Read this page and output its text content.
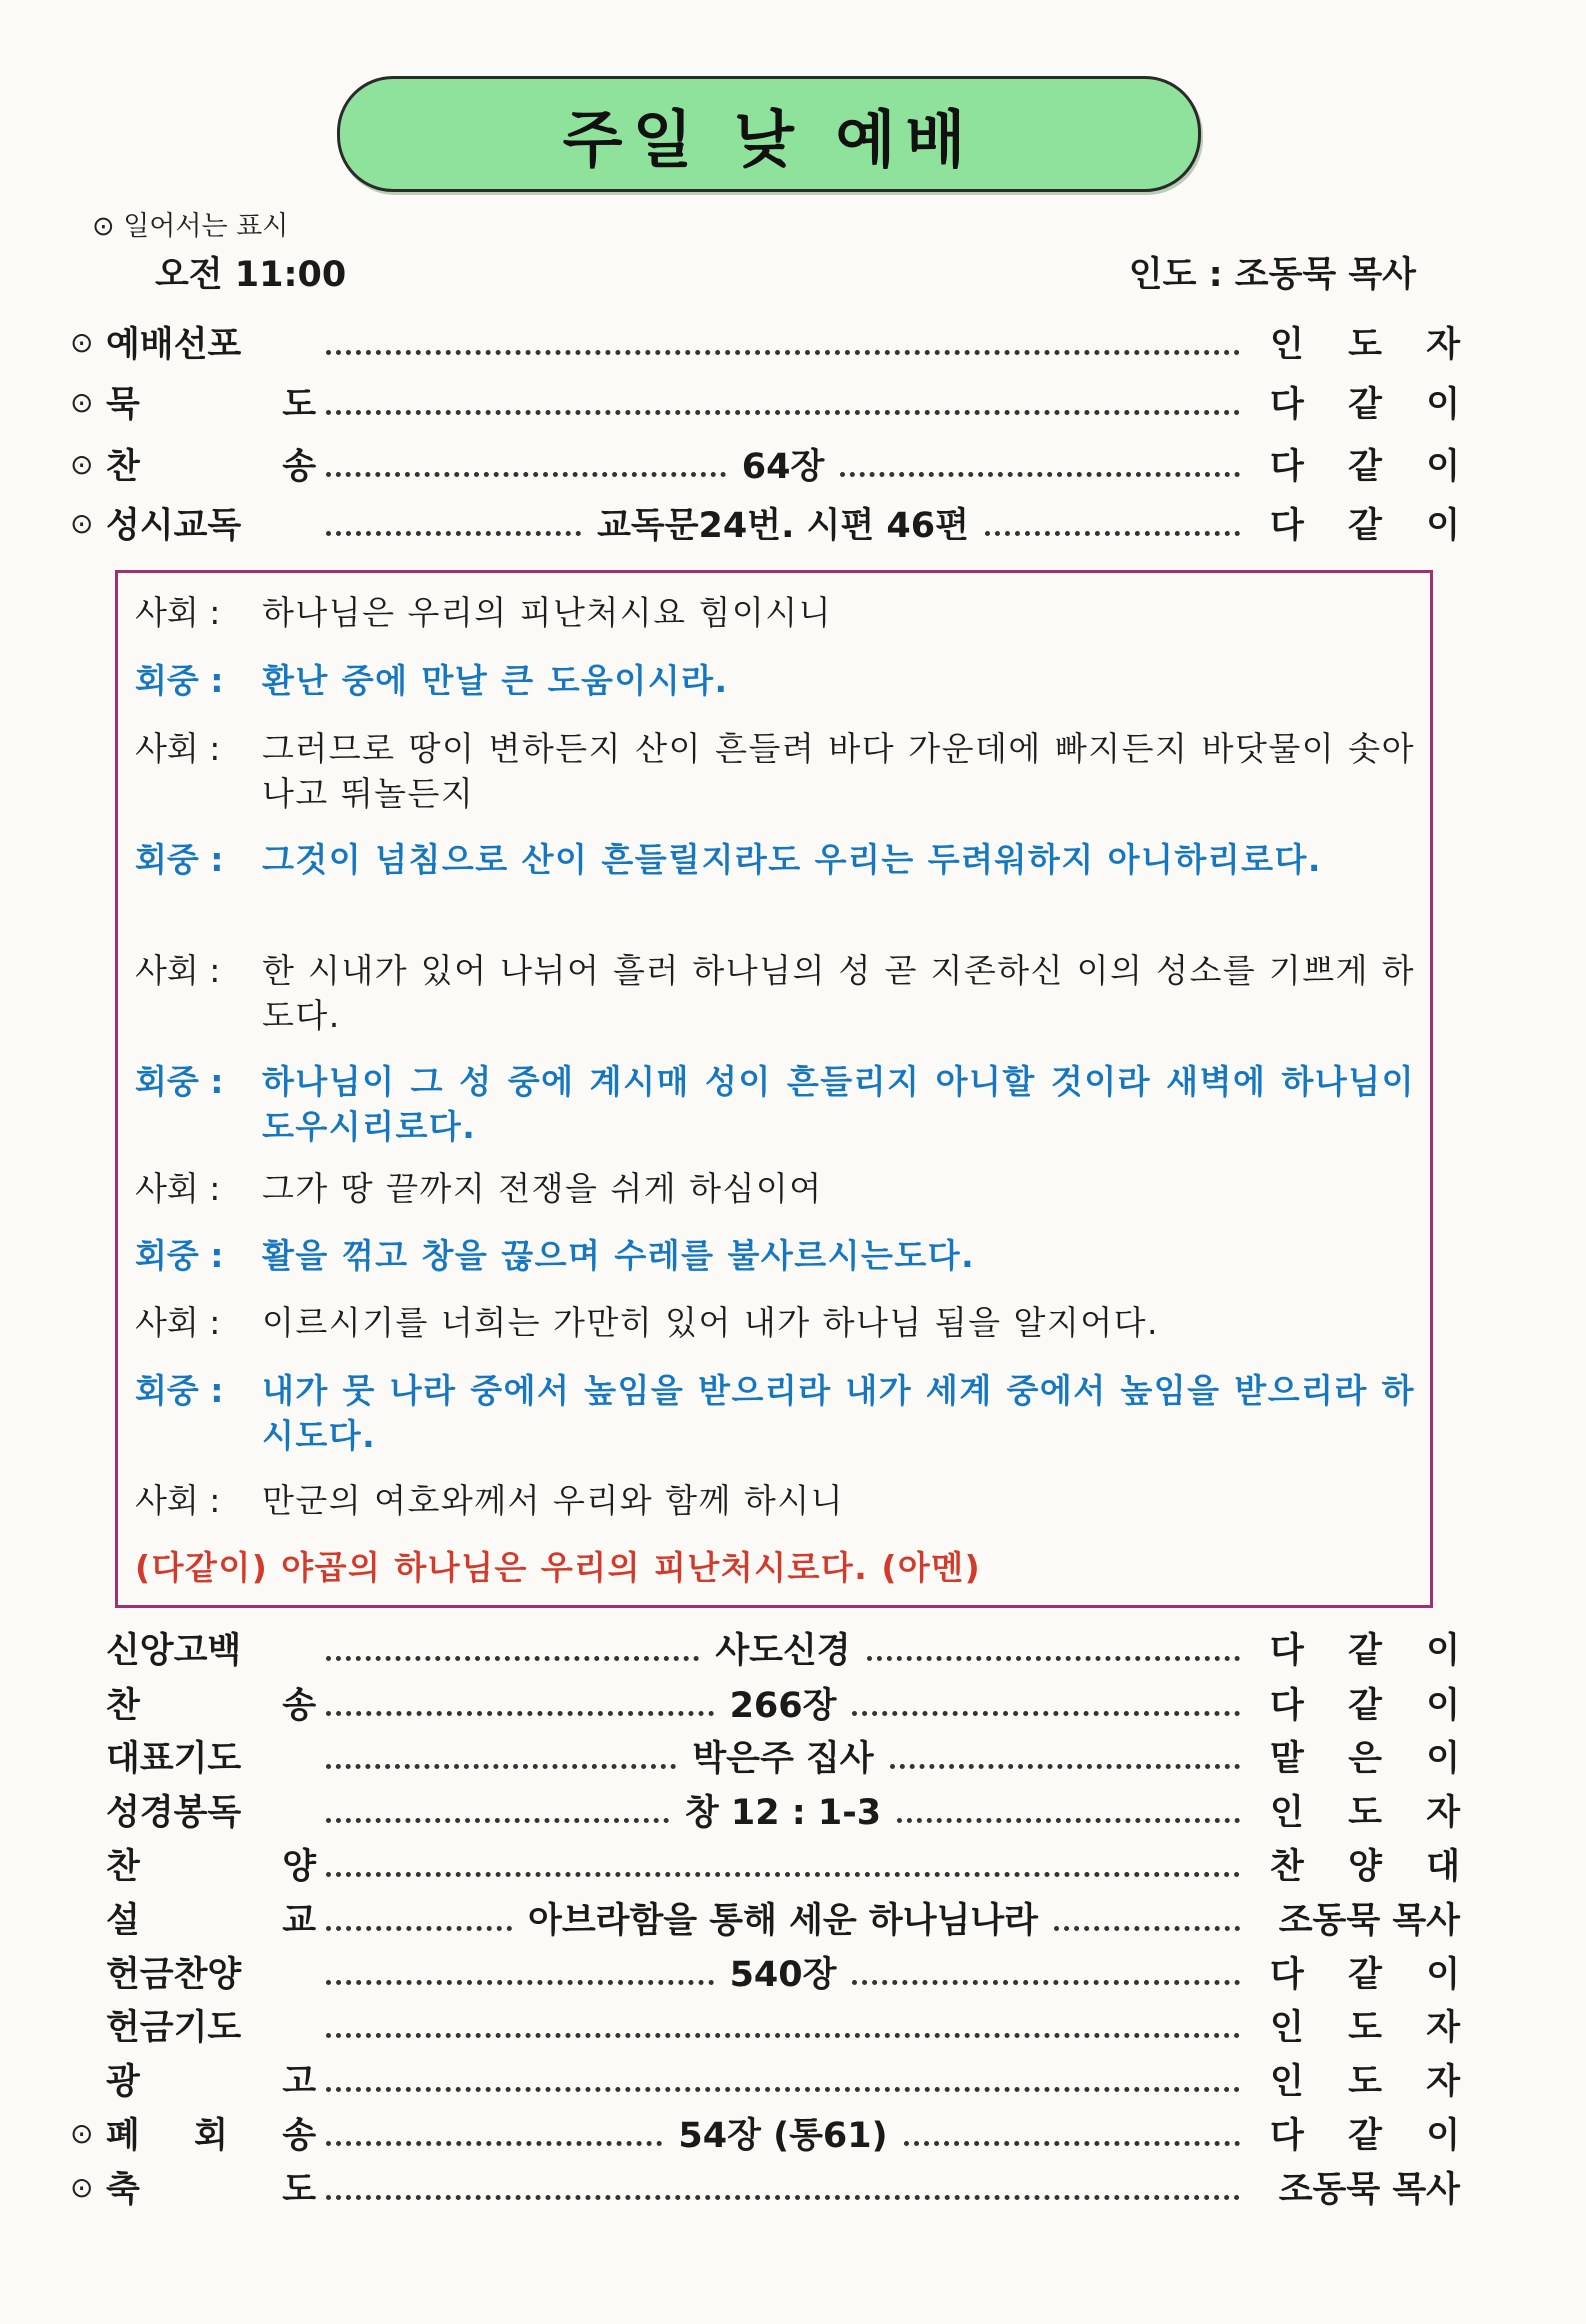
주일 낮 예배
⊙ 일어서는 표시
오전 11:00	인도 : 조동묵 목사
⊙ 예배선포	인 도 자
⊙ 묵	도	다 같 이
⊙ 찬	송	64장	다 같 이
⊙ 성시교독	교독문24번. 시편 46편	다 같 이
사회 :	하나님은 우리의 피난처시요 힘이시니
회중 :	환난 중에 만날 큰 도움이시라.
사회 :	그러므로 땅이 변하든지 산이 흔들려 바다 가운데에 빠지든지 바닷물이 솟아나고 뛰놀든지
회중 :	그것이 넘침으로 산이 흔들릴지라도 우리는 두려워하지 아니하리로다.
사회 :	한 시내가 있어 나뉘어 흘러 하나님의 성 곧 지존하신 이의 성소를 기쁘게 하도다.
회중 :	하나님이 그 성 중에 계시매 성이 흔들리지 아니할 것이라 새벽에 하나님이 도우시리로다.
사회 :	그가 땅 끝까지 전쟁을 쉬게 하심이여
회중 :	활을 꺾고 창을 끊으며 수레를 불사르시는도다.
사회 :	이르시기를 너희는 가만히 있어 내가 하나님 됨을 알지어다.
회중 :	내가 뭇 나라 중에서 높임을 받으리라 내가 세계 중에서 높임을 받으리라 하시도다.
사회 :	만군의 여호와께서 우리와 함께 하시니
(다같이) 야곱의 하나님은 우리의 피난처시로다. (아멘)
신앙고백	사도신경	다 같 이
찬	송	266장	다 같 이
대표기도	박은주 집사	맡 은 이
성경봉독	창 12 : 1-3	인 도 자
찬	양	찬 양 대
설	교	아브라함을 통해 세운 하나님나라	조동묵 목사
헌금찬양	540장	다 같 이
헌금기도	인 도 자
광	고	인 도 자
⊙ 폐 회 송	54장 (통61)	다 같 이
⊙ 축	도	조동묵 목사
